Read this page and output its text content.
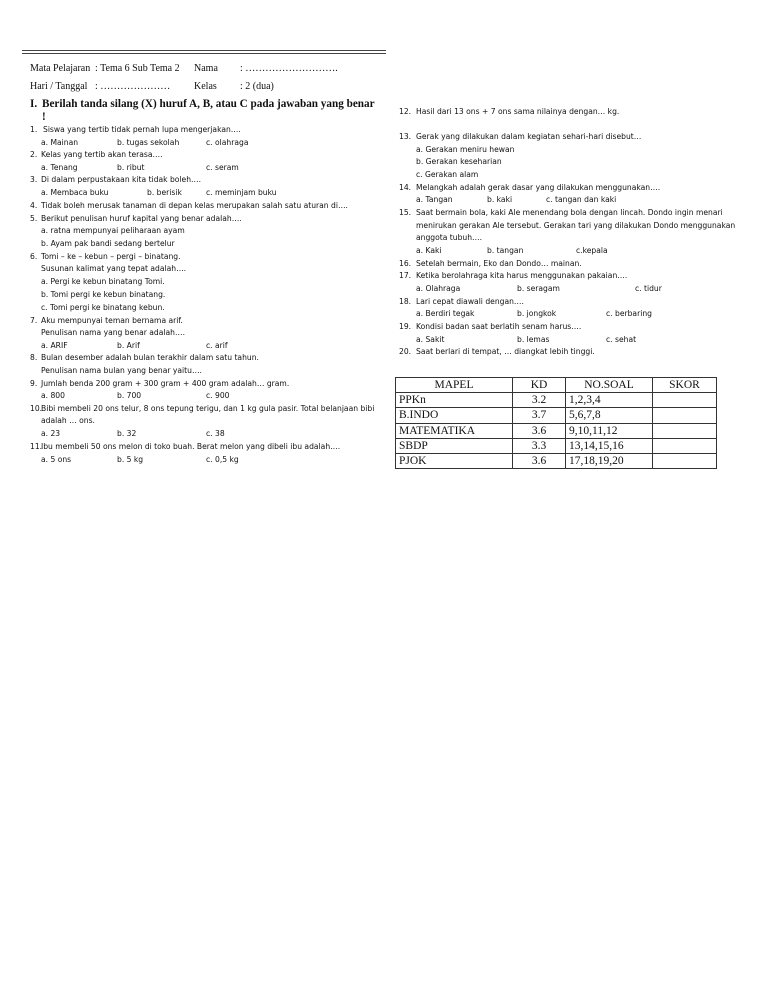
Mata Pelajaran : Tema 6 Sub Tema 2 Nama : ……………………….
Hari / Tanggal : ………………… Kelas : 2 (dua)
I. Berilah tanda silang (X) huruf A, B, atau C pada jawaban yang benar !
1. Siswa yang tertib tidak pernah lupa mengerjakan….
a. Mainan	b. tugas sekolah	c. olahraga
2. Kelas yang tertib akan terasa….
a. Tenang	b. ribut	c. seram
3. Di dalam perpustakaan kita tidak boleh….
a. Membaca buku	b. berisik	c. meminjam buku
4. Tidak boleh merusak tanaman di depan kelas merupakan salah satu aturan di….
5. Berikut penulisan huruf kapital yang benar adalah….
a. ratna mempunyai peliharaan ayam
b. Ayam pak bandi sedang bertelur
6. Tomi – ke – kebun – pergi – binatang.
Susunan kalimat yang tepat adalah….
a. Pergi ke kebun binatang Tomi.
b. Tomi pergi ke kebun binatang.
c. Tomi pergi ke binatang kebun.
7. Aku mempunyai teman bernama arif.
Penulisan nama yang benar adalah….
a. ARIF	b. Arif	c. arif
8. Bulan desember adalah bulan terakhir dalam satu tahun.
Penulisan nama bulan yang benar yaitu….
9. Jumlah benda 200 gram + 300 gram + 400 gram adalah… gram.
a. 800	b. 700	c. 900
10.
Bibi membeli 20 ons telur, 8 ons tepung terigu, dan 1 kg gula pasir. Total belanjaan bibi
adalah … ons.
a. 23	b. 32	c. 38
11.
Ibu membeli 50 ons melon di toko buah. Berat melon yang dibeli ibu adalah….
a. 5 ons	b. 5 kg	c. 0,5 kg
12. Hasil dari 13 ons + 7 ons sama nilainya dengan… kg.
13. Gerak yang dilakukan dalam kegiatan sehari-hari disebut…
a. Gerakan meniru hewan
b. Gerakan keseharian
c. Gerakan alam
14. Melangkah adalah gerak dasar yang dilakukan menggunakan….
a. Tangan	b. kaki	c. tangan dan kaki
15. Saat bermain bola, kaki Ale menendang bola dengan lincah. Dondo ingin menari
menirukan gerakan Ale tersebut. Gerakan tari yang dilakukan Dondo menggunakan
anggota tubuh….
a. Kaki	b. tangan	c.kepala
16. Setelah bermain, Eko dan Dondo… mainan.
17. Ketika berolahraga kita harus menggunakan pakaian….
a. Olahraga	b. seragam	c. tidur
18. Lari cepat diawali dengan….
a. Berdiri tegak	b. jongkok	c. berbaring
19. Kondisi badan saat berlatih senam harus….
a. Sakit	b. lemas	c. sehat
20. Saat berlari di tempat, … diangkat lebih tinggi.
MAPEL	KD	NO.SOAL	SKOR
PPKn	3.2	1,2,3,4	
B.INDO	3.7	5,6,7,8	
MATEMATIKA	3.6	9,10,11,12	
SBDP	3.3	13,14,15,16	
PJOK	3.6	17,18,19,20	
